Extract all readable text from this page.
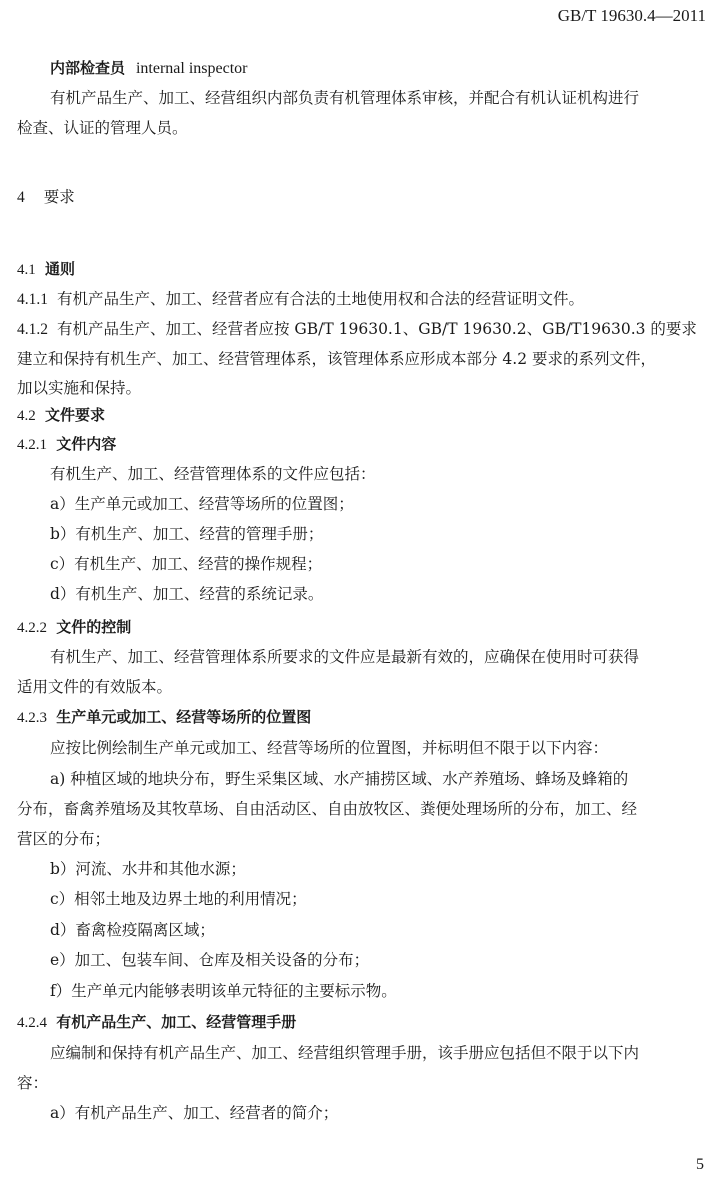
GB/T 19630.4—2011
内部检查员 internal inspector
有机产品生产、加工、经营组织内部负责有机管理体系审核，并配合有机认证机构进行
检查、认证的管理人员。
4 要求
4.1 通则
4.1.1 有机产品生产、加工、经营者应有合法的土地使用权和合法的经营证明文件。
4.1.2 有机产品生产、加工、经营者应按 GB/T 19630.1、GB/T 19630.2、GB/T19630.3 的要求
建立和保持有机生产、加工、经营管理体系，该管理体系应形成本部分 4.2 要求的系列文件，
加以实施和保持。
4.2 文件要求
4.2.1 文件内容
有机生产、加工、经营管理体系的文件应包括：
a）生产单元或加工、经营等场所的位置图；
b）有机生产、加工、经营的管理手册；
c）有机生产、加工、经营的操作规程；
d）有机生产、加工、经营的系统记录。
4.2.2 文件的控制
有机生产、加工、经营管理体系所要求的文件应是最新有效的，应确保在使用时可获得
适用文件的有效版本。
4.2.3 生产单元或加工、经营等场所的位置图
应按比例绘制生产单元或加工、经营等场所的位置图，并标明但不限于以下内容：
a) 种植区域的地块分布，野生采集区域、水产捕捞区域、水产养殖场、蜂场及蜂箱的
分布，畜禽养殖场及其牧草场、自由活动区、自由放牧区、粪便处理场所的分布，加工、经
营区的分布；
b）河流、水井和其他水源；
c）相邻土地及边界土地的利用情况；
d）畜禽检疫隔离区域；
e）加工、包装车间、仓库及相关设备的分布；
f）生产单元内能够表明该单元特征的主要标示物。
4.2.4 有机产品生产、加工、经营管理手册
应编制和保持有机产品生产、加工、经营组织管理手册，该手册应包括但不限于以下内
容：
a）有机产品生产、加工、经营者的简介；
5
